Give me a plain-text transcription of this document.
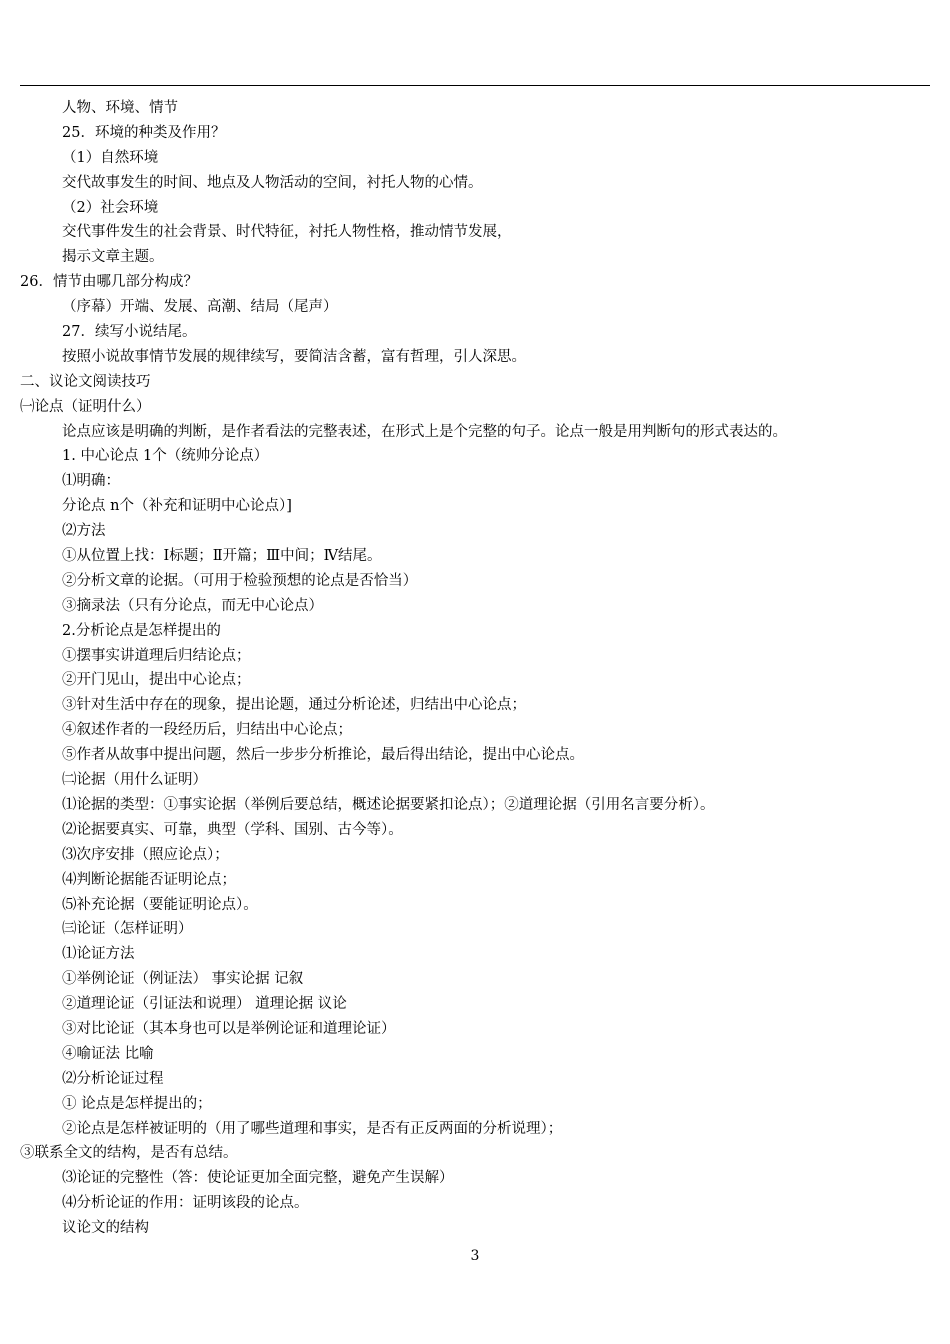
人物、环境、情节
25．环境的种类及作用？
（1）自然环境
交代故事发生的时间、地点及人物活动的空间，衬托人物的心情。
（2）社会环境
交代事件发生的社会背景、时代特征，衬托人物性格，推动情节发展，
揭示文章主题。
26．情节由哪几部分构成？
（序幕）开端、发展、高潮、结局（尾声）
27．续写小说结尾。
按照小说故事情节发展的规律续写，要简洁含蓄，富有哲理，引人深思。
二、议论文阅读技巧
㈠论点（证明什么）
论点应该是明确的判断，是作者看法的完整表述，在形式上是个完整的句子。论点一般是用判断句的形式表达的。
1. 中心论点 1个（统帅分论点）
⑴明确：
分论点 n个（补充和证明中心论点）]
⑵方法
①从位置上找：Ⅰ标题；Ⅱ开篇；Ⅲ中间；Ⅳ结尾。
②分析文章的论据。（可用于检验预想的论点是否恰当）
③摘录法（只有分论点，而无中心论点）
2.分析论点是怎样提出的
①摆事实讲道理后归结论点；
②开门见山，提出中心论点；
③针对生活中存在的现象，提出论题，通过分析论述，归结出中心论点；
④叙述作者的一段经历后，归结出中心论点；
⑤作者从故事中提出问题，然后一步步分析推论，最后得出结论，提出中心论点。
㈡论据（用什么证明）
⑴论据的类型：①事实论据（举例后要总结，概述论据要紧扣论点）；②道理论据（引用名言要分析）。
⑵论据要真实、可靠，典型（学科、国别、古今等）。
⑶次序安排（照应论点）；
⑷判断论据能否证明论点；
⑸补充论据（要能证明论点）。
㈢论证（怎样证明）
⑴论证方法
①举例论证（例证法） 事实论据 记叙
②道理论证（引证法和说理） 道理论据 议论
③对比论证（其本身也可以是举例论证和道理论证）
④喻证法 比喻
⑵分析论证过程
① 论点是怎样提出的；
②论点是怎样被证明的（用了哪些道理和事实，是否有正反两面的分析说理）；
③联系全文的结构，是否有总结。
⑶论证的完整性（答：使论证更加全面完整，避免产生误解）
⑷分析论证的作用：证明该段的论点。
议论文的结构
3
